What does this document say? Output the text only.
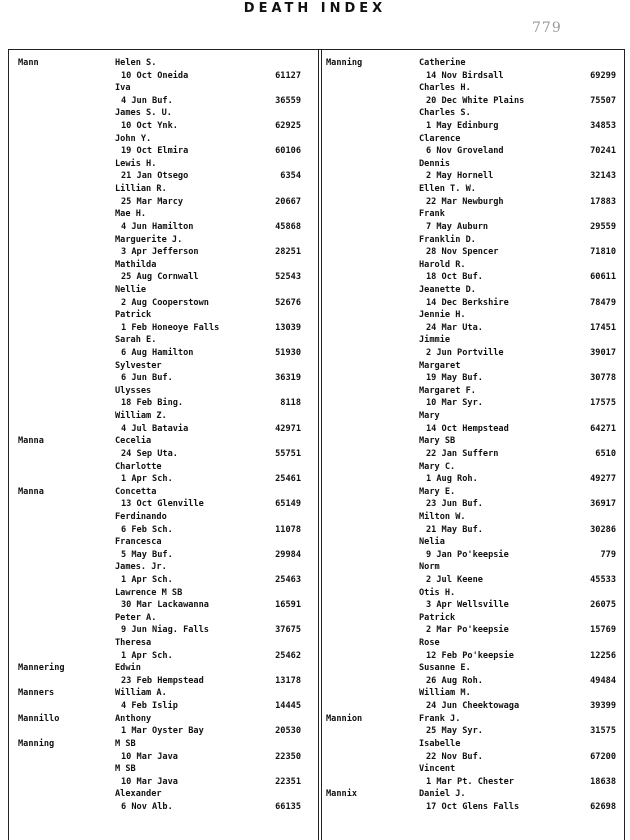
DEATH INDEX
779
Mann	Helen S.
10 Oct Oneida	61127
Iva
4 Jun Buf.	36559
James S. U.
10 Oct Ynk.	62925
John Y.
19 Oct Elmira	60106
Lewis H.
21 Jan Otsego	6354
Lillian R.
25 Mar Marcy	20667
Mae H.
4 Jun Hamilton	45868
Marguerite J.
3 Apr Jefferson	28251
Mathilda
25 Aug Cornwall	52543
Nellie
2 Aug Cooperstown	52676
Patrick
1 Feb Honeoye Falls	13039
Sarah E.
6 Aug Hamilton	51930
Sylvester
6 Jun Buf.	36319
Ulysses
18 Feb Bing.	8118
William Z.
4 Jul Batavia	42971
Manna	Cecelia
24 Sep Uta.	55751
Charlotte
1 Apr Sch.	25461
Manna	Concetta
13 Oct Glenville	65149
Ferdinando
6 Feb Sch.	11078
Francesca
5 May Buf.	29984
James. Jr.
1 Apr Sch.	25463
Lawrence M SB
30 Mar Lackawanna	16591
Peter A.
9 Jun Niag. Falls	37675
Theresa
1 Apr Sch.	25462
Mannering	Edwin
23 Feb Hempstead	13178
Manners	William A.
4 Feb Islip	14445
Mannillo	Anthony
1 Mar Oyster Bay	20530
Manning	M SB
10 Mar Java	22350
M SB
10 Mar Java	22351
Alexander
6 Nov Alb.	66135
Manning	Catherine
14 Nov Birdsall	69299
Charles H.
20 Dec White Plains	75507
Charles S.
1 May Edinburg	34853
Clarence
6 Nov Groveland	70241
Dennis
2 May Hornell	32143
Ellen T. W.
22 Mar Newburgh	17883
Frank
7 May Auburn	29559
Franklin D.
28 Nov Spencer	71810
Harold R.
18 Oct Buf.	60611
Jeanette D.
14 Dec Berkshire	78479
Jennie H.
24 Mar Uta.	17451
Jimmie
2 Jun Portville	39017
Margaret
19 May Buf.	30778
Margaret F.
10 Mar Syr.	17575
Mary
14 Oct Hempstead	64271
Mary SB
22 Jan Suffern	6510
Mary C.
1 Aug Roh.	49277
Mary E.
23 Jun Buf.	36917
Milton W.
21 May Buf.	30286
Nelia
9 Jan Po'keepsie	779
Norm
2 Jul Keene	45533
Otis H.
3 Apr Wellsville	26075
Patrick
2 Mar Po'keepsie	15769
Rose
12 Feb Po'keepsie	12256
Susanne E.
26 Aug Roh.	49484
William M.
24 Jun Cheektowaga	39399
Mannion	Frank J.
25 May Syr.	31575
Isabelle
22 Nov Buf.	67200
Vincent
1 Mar Pt. Chester	18638
Mannix	Daniel J.
17 Oct Glens Falls	62698
